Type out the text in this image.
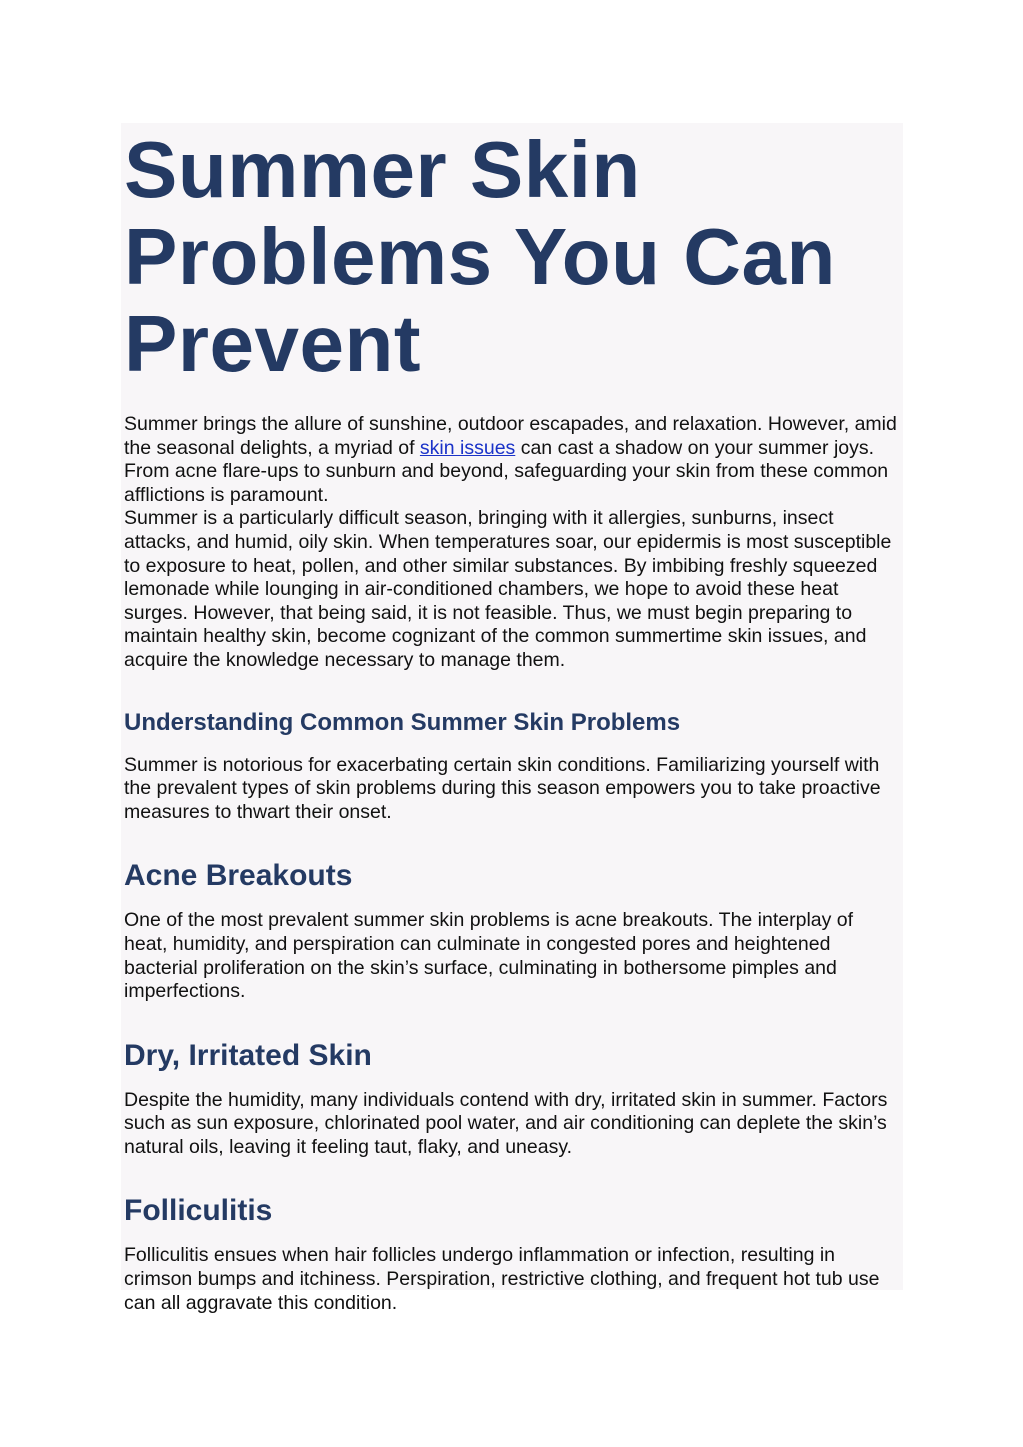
Summer Skin Problems You Can Prevent

Summer brings the allure of sunshine, outdoor escapades, and relaxation. However, amid the seasonal delights, a myriad of skin issues can cast a shadow on your summer joys. From acne flare-ups to sunburn and beyond, safeguarding your skin from these common afflictions is paramount.

Summer is a particularly difficult season, bringing with it allergies, sunburns, insect attacks, and humid, oily skin. When temperatures soar, our epidermis is most susceptible to exposure to heat, pollen, and other similar substances. By imbibing freshly squeezed lemonade while lounging in air-conditioned chambers, we hope to avoid these heat surges. However, that being said, it is not feasible. Thus, we must begin preparing to maintain healthy skin, become cognizant of the common summertime skin issues, and acquire the knowledge necessary to manage them.

Understanding Common Summer Skin Problems

Summer is notorious for exacerbating certain skin conditions. Familiarizing yourself with the prevalent types of skin problems during this season empowers you to take proactive measures to thwart their onset.

Acne Breakouts

One of the most prevalent summer skin problems is acne breakouts. The interplay of heat, humidity, and perspiration can culminate in congested pores and heightened bacterial proliferation on the skin’s surface, culminating in bothersome pimples and imperfections.

Dry, Irritated Skin

Despite the humidity, many individuals contend with dry, irritated skin in summer. Factors such as sun exposure, chlorinated pool water, and air conditioning can deplete the skin’s natural oils, leaving it feeling taut, flaky, and uneasy.

Folliculitis

Folliculitis ensues when hair follicles undergo inflammation or infection, resulting in crimson bumps and itchiness. Perspiration, restrictive clothing, and frequent hot tub use can all aggravate this condition.
